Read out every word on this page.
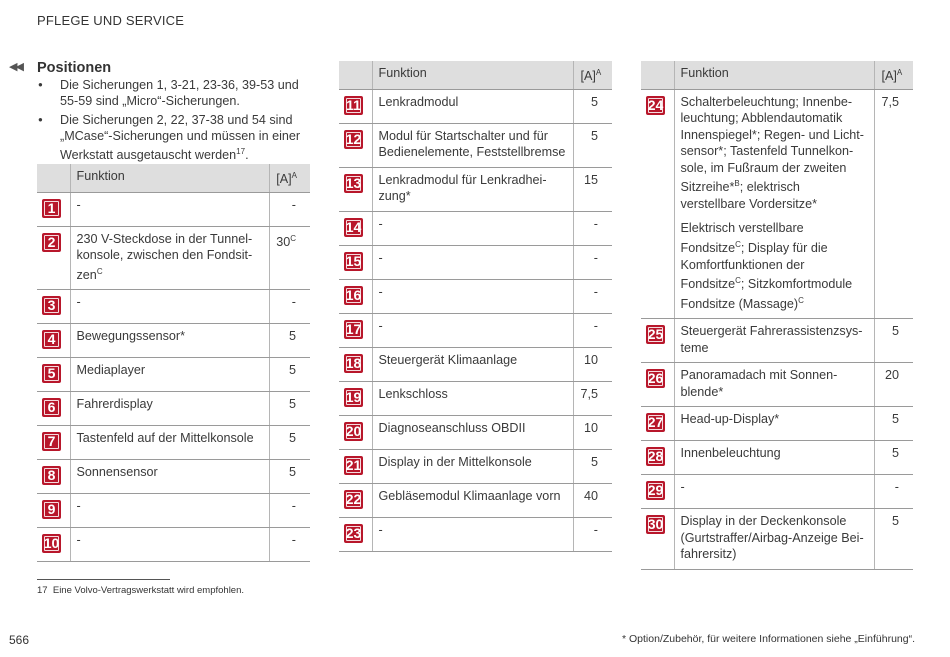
PFLEGE UND SERVICE
◀◀ Positionen
● Die Sicherungen 1, 3-21, 23-36, 39-53 und 55-59 sind „Micro“-Sicherungen.
● Die Sicherungen 2, 22, 37-38 und 54 sind „MCase“-Sicherungen und müssen in einer Werkstatt ausgetauscht werden$^{17}$.
	Funktion	$[A]^A$
1	-	-
2	230 V-Steckdose in der Tunnelkonsole, zwischen den Fondsitzen$^C$	$30^C$
3	-	-
4	Bewegungssensor*	5
5	Mediaplayer	5
6	Fahrerdisplay	5
7	Tastenfeld auf der Mittelkonsole	5
8	Sonnensensor	5
9	-	-
10	-	-
	Funktion	$[A]^A$
11	Lenkradmodul	5
12	Modul für Startschalter und für Bedienelemente, Feststellbremse	5
13	Lenkradmodul für Lenkradheizung*	15
14	-	-
15	-	-
16	-	-
17	-	-
18	Steuergerät Klimaanlage	10
19	Lenkschloss	7,5
20	Diagnoseanschluss OBDII	10
21	Display in der Mittelkonsole	5
22	Gebläsemodul Klimaanlage vorn	40
23	-	-
	Funktion	$[A]^A$
24	Schalterbeleuchtung; Innenbeleuchtung; Abblendautomatik Innenspiegel*; Regen- und Lichtsensor*; Tastenfeld Tunnelkonsole, im Fußraum der zweiten Sitzreihe*$^B$; elektrisch verstellbare Vordersitze*
Elektrisch verstellbare Fondsitze$^C$; Display für die Komfortfunktionen der Fondsitze$^C$; Sitzkomfortmodule Fondsitze (Massage)$^C$	7,5
25	Steuergerät Fahrerassistenzsysteme	5
26	Panoramadach mit Sonnenblende*	20
27	Head-up-Display*	5
28	Innenbeleuchtung	5
29	-	-
30	Display in der Deckenkonsole (Gurtstraffer/Airbag-Anzeige Beifahrersitz)	5
17 Eine Volvo-Vertragswerkstatt wird empfohlen.
566	* Option/Zubehör, für weitere Informationen siehe „Einführung“.
